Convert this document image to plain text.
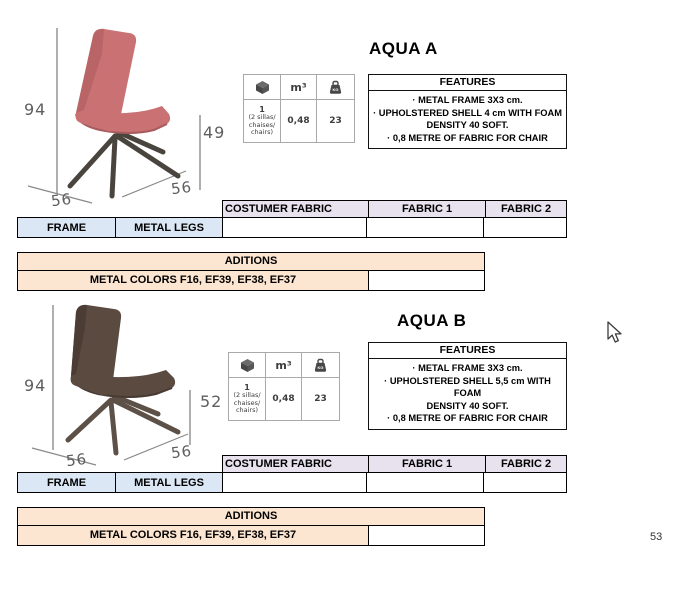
94
49
56
56
m³	KG
1
(2 sillas/
chaises/
chairs)
0,48	23
AQUA A
FEATURES
· METAL FRAME 3X3 cm.
· UPHOLSTERED SHELL 4 cm WITH FOAM
DENSITY 40 SOFT.
· 0,8 METRE OF FABRIC FOR CHAIR
COSTUMER FABRIC	FABRIC 1	FABRIC 2
FRAME	METAL LEGS
ADITIONS
METAL COLORS F16, EF39, EF38, EF37
94
52
56	56
m³	KG
1
(2 sillas/
chaises/
chairs)
0,48	23
AQUA B
FEATURES
· METAL FRAME 3X3 cm.
· UPHOLSTERED SHELL 5,5 cm WITH FOAM
DENSITY 40 SOFT.
· 0,8 METRE OF FABRIC FOR CHAIR
COSTUMER FABRIC	FABRIC 1	FABRIC 2
FRAME	METAL LEGS
ADITIONS
METAL COLORS F16, EF39, EF38, EF37	53
